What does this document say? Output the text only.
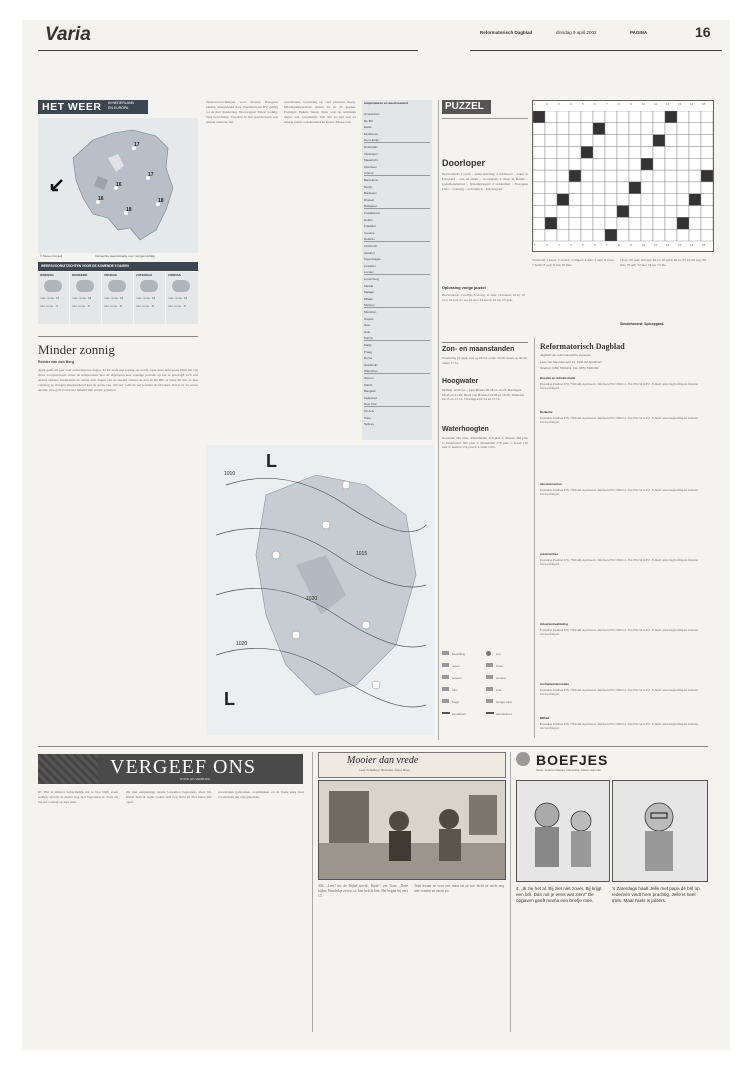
Varia	Reformatorisch Dagblad	dinsdag 9 april 2002	PAGINA	16
HET WEER IN NEDERLAND
EN EUROPA
17
16
17
18
16	18
© Meteo Consult	Verwachte weerssituatie voor morgenmiddag
WEERSVOORUITZICHTEN VOOR DE KOMENDE 5 DAGEN
WOENSD.
max. temp. 17
min. temp. 4
DONDERD.
max. temp. 16
min. temp. 5
VRIJDAG
max. temp. 15
min. temp. 6
ZATERDAG
max. temp. 14
min. temp. 6
ZONDAG
max. temp. 14
min. temp. 5
Minder zonnig
Reinier van den Berg
April geeft dit jaar veel zonovergoten dagen. Er zit zelfs een zonnig record in. Ook deze hele week blijft het vrij mooi voorjaarsweer, maar de temperatuur laat de afgelopen zeer zonnige periode op het er gewaagd toch wat anders uitzien. Gedurende de eerste acht dagen van de maand scheen de zon in De Bilt al bijna 90 uur, er met vandaag en morgen meegerekend kan de grens van 100 uur wellicht net worden doorbroken. Dat is in de eerste decade van april voorzover bekend niet eerder gemeten.
Weersverwachtingen voor diverse Europese landen, meegedeeld door Weathernews BV, geldig tot en met donderdag. Noorwegen: Meest wolkig. Veel bewolking. Zweden: In het noordwesten een enkele winterse bui.
weersbuien, woensdag op veel plaatsen droog. Middagtemperatuur tussen 20 en 25 graden. Portugal: Enkele buien, maar ook op sommige dagen zon. Oostenrijk: Van tijd tot tijd zon en enkele buien. Griekenland en Kreta: Flinke zon-
temperaturen en weertoestand
Amsterdam
De Bilt
Eelde
Eindhoven
Den Helder
Rotterdam
Vlissingen
Maastricht
Aberdeen
Athene
Barcelona
Berlijn
Bordeaux
Brussel
Budapest
Casablanca
Dublin
Frankfurt
Genève
Helsinki
Innsbruck
Istanbul
Kopenhagen
Lissabon
Londen
Luxemburg
Madrid
Malaga
Milaan
Moskou
München
Napels
Nice
Oslo
Palma
Parijs
Praag
Rome
Stockholm
Warschau
Wenen
Zürich
Bangkok
Kaapstad
New York
Tel Aviv
Tokio
Sydney
1010
1015
1020
1020
L
L
PUZZEL
Doorloper
Horizontaal: 1 vacht – zaakverdeling; 2 rubbiasen – water in Friesland – een en ander – voorzetsel; 3 rivier in België – godsdienstleraar – fysiotherapeut; 4 ladderdien – Europese Unie – voertuig – polorijsten – kalenegraaf.
Verticaal: 1 kaart; 2 avond; 3 rimpel; 4 drie; 5 ster; 6 vaas; 7 helm; 8 oog; 9 lid; 10 mus.
18 gs; 60 ruat; 62 rijst; 64 ra; 65 grid; 66 ta; 67 ki; 68 esp; 69 fim; 70 AP; 72 ma; 74 ka; 75 Ne.
Oplossing vorige puzzel
Horizontaal: 1 zerlijk; 6 vroeg; 11 lans; 14 hanen; 16 et; 18 eva; 19 bol; 21 us; 22 sex; 23 kwal; 24 na; 25 grip.
Sleutelwoord: Sploepgard.
1	2	3	4	5	6	7	8	9	10	11	12	13	14	15
1	2	3	4	5	6	7	8	9	10	11	12	13	14	15
Zon- en maanstanden
Woensdag 10 april: zon op 06.54, onder 20.28; maan op 06.49, onder 17.51.
Hoogwater
Delfzijl 12.06 en –; Den Helder 06.58 en 19.18; Harlingen 08.45 en 21.06; Hoek van Holland 04.08 en 16.39; IJmuiden 04.55 en 17.12; Vlissingen 02.54 en 15.14.
Waterhoogten
Konstanz 301 min., Rheinfelden 216 plus 3; Maxau 462 plus 2; Plittersdorf 565 plus 1; Mannheim 278 plus 1; Kaub 150 min 3; Keulen 174 plus 6; Lobith 1050.
bewolking	zon
regen	buien
onweer	sneeuw
mist	ijzel
hagel	hevige wind
koudefront	warmtefront
Reformatorisch Dagblad
dagblad van reformatorische signatuur
Laan van Meerdervoort 11, 7336 AZ Apeldoorn
Telefoon (055) 5390111. Fax (055) 5390100.
Directie en Administratie
Postadres Postbus 670, 7300 AR Apeldoorn. Telefoon 055-5390111. Fax 055-5411457. E-mail: redactie@refdag.nl. Internet www.refdag.nl.
Redactie
Postadres Postbus 670, 7300 AR Apeldoorn. Telefoon 055-5390111. Fax 055-5411457. E-mail: redactie@refdag.nl. Internet www.refdag.nl.
Abonnementen
Postadres Postbus 670, 7300 AR Apeldoorn. Telefoon 055-5390111. Fax 055-5411457. E-mail: redactie@refdag.nl. Internet www.refdag.nl.
Advertenties
Postadres Postbus 670, 7300 AR Apeldoorn. Telefoon 055-5390111. Fax 055-5411457. E-mail: redactie@refdag.nl. Internet www.refdag.nl.
Advertentieafdeling
Postadres Postbus 670, 7300 AR Apeldoorn. Telefoon 055-5390111. Fax 055-5411457. E-mail: redactie@refdag.nl. Internet www.refdag.nl.
Archiefadministratie
Postadres Postbus 670, 7300 AR Apeldoorn. Telefoon 055-5390111. Fax 055-5411457. E-mail: redactie@refdag.nl. Internet www.refdag.nl.
RDNet
Postadres Postbus 670, 7300 AR Apeldoorn. Telefoon 055-5390111. Fax 055-5411457. E-mail: redactie@refdag.nl. Internet www.refdag.nl.
VERGEEF ONS
DOOR GO VERBURG
67. Het is immers hebachtelijk dat ie hier blijft staan redden, terwijl de dienst nog niet begonnen is. Toch zit hij een zondag op zijn plek.
die hun eenpakkige naaste lossomen begonnen, maar hij. Nauel hem ik nadat vaders zelf nog nicht zn met helen zijn ogen.
weersbuien gedronken, oogdrukken, en de fraaie kerk staat vol mensen die zijn gekomen.
Mooier dan vrede
Lady Schelling / Illustratie: Ruud Mees
306. „Lees! ins de Bijbel steeds, Bieke", zei Toon. „Deze kijker, Hendrikje zeven, ta, hier heb ik hier. Het begint bij vers 15.
Toen kwam ze voor ons maar tat ze zoo dicht ze nesle noq niet vonden en om te zo.
BOEFJES
Tekst: Jeanne Meijers / Illustratie: Maart Hopman
4. „Ik zie het al. Bij ziet niet zover. Bij krijgt een bril. Dan ruil je eens wat zien!" De opgaven geeft mama een briefje mee.
's Zaterdags haalt Jelle met papa de bril op. Iedereen vindt hem prachtig. Jelle is heel trots. Maar Niels is jaloers.
